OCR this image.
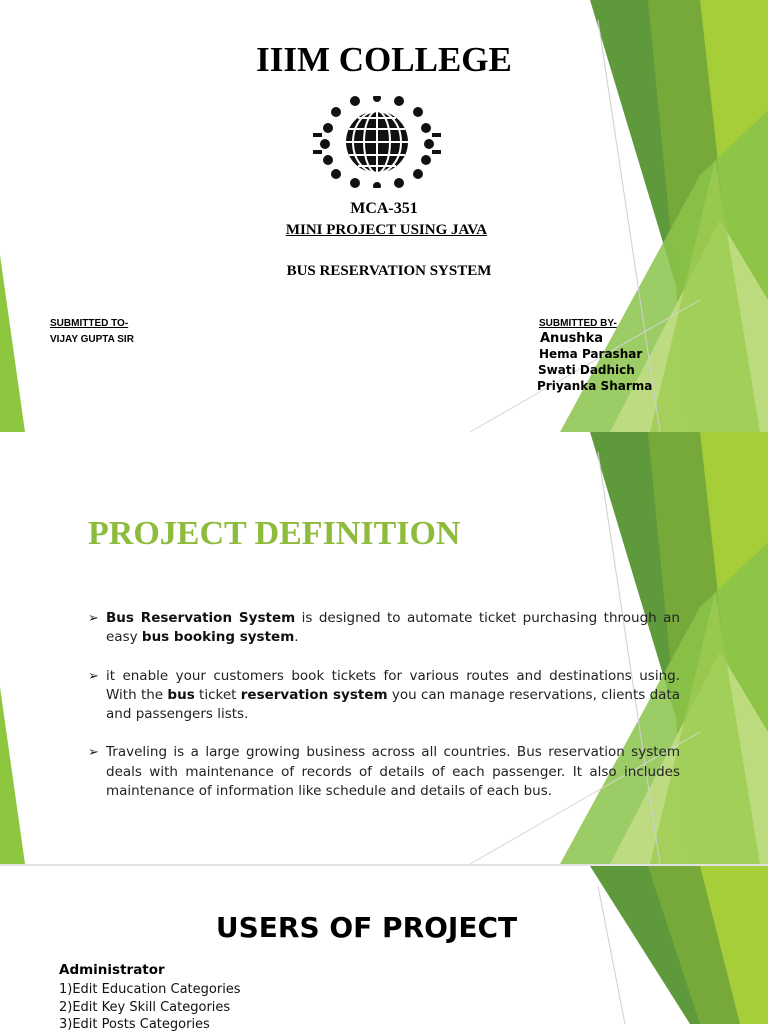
IIIM COLLEGE
MCA-351
MINI PROJECT USING JAVA
BUS RESERVATION SYSTEM
SUBMITTED TO-
VIJAY GUPTA SIR
SUBMITTED BY-
Anushka
Hema Parashar
Swati Dadhich
Priyanka Sharma
PROJECT DEFINITION
➢ Bus Reservation System is designed to automate ticket purchasing through an easy bus booking system.
➢ it enable your customers book tickets for various routes and destinations using. With the bus ticket reservation system you can manage reservations, clients data and passengers lists.
➢ Traveling is a large growing business across all countries. Bus reservation system deals with maintenance of records of details of each passenger. It also includes maintenance of information like schedule and details of each bus.
USERS OF PROJECT
Administrator
1)Edit Education Categories
2)Edit Key Skill Categories
3)Edit Posts Categories
